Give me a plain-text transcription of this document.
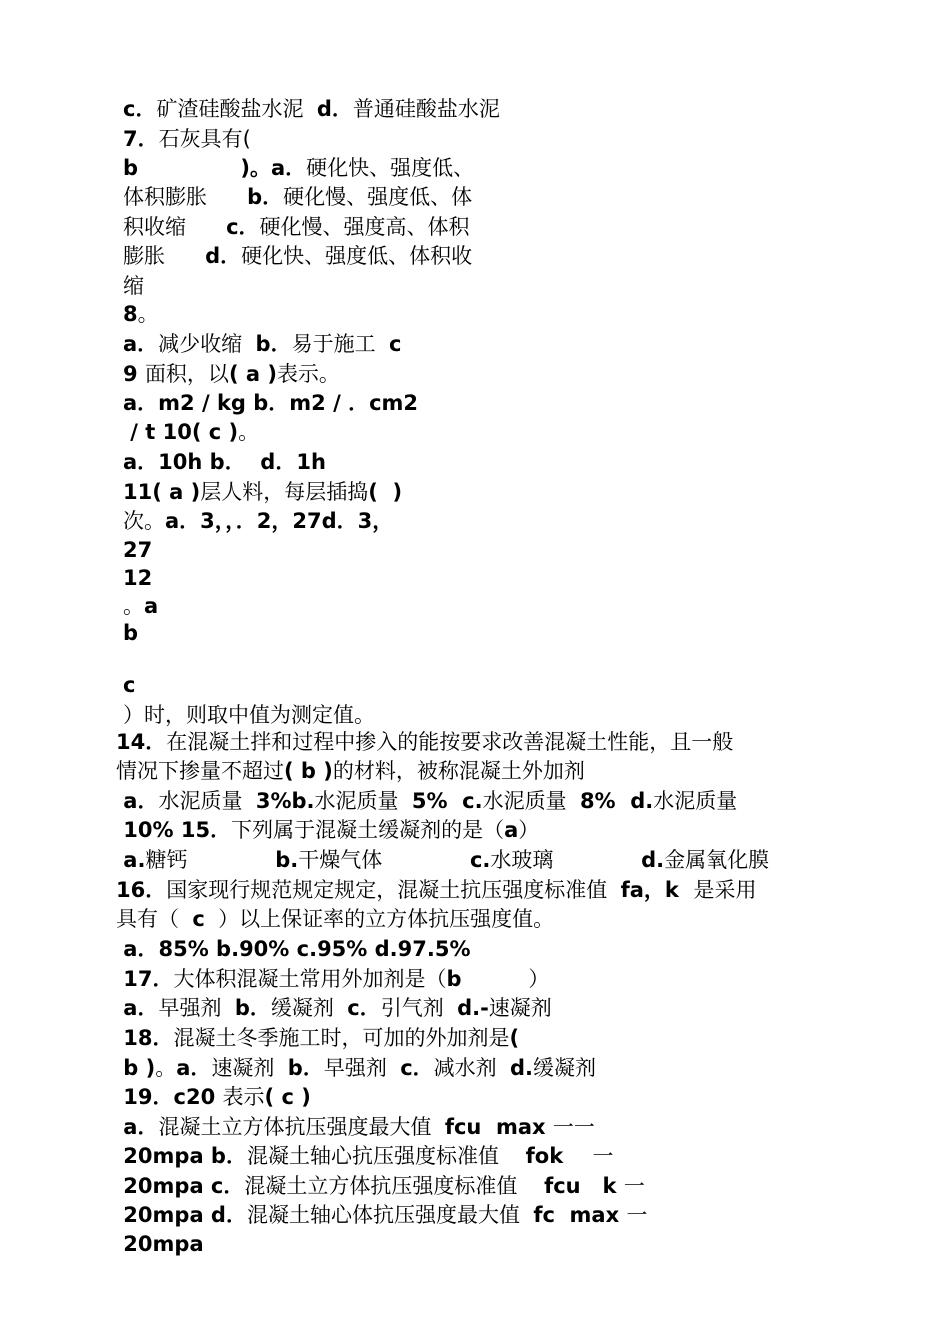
c．矿渣硅酸盐水泥  d．普通硅酸盐水泥

7．石灰具有(

b              )。a．硬化快、强度低、

体积膨胀      b．硬化慢、强度低、体

积收缩      c．硬化慢、强度高、体积

膨胀      d．硬化快、强度低、体积收

缩

8。

a．减少收缩  b．易于施工  c

9 面积，以( a )表示。

a．m2 / kg b．m2 / ．cm2

/ t 10( c )。

a．10h b．  d．1h

11( a )层人料，每层插捣(  )

次。a．3，，．2，27d．3，

27

12

。a

b

c

）时，则取中值为测定值。

14．在混凝土拌和过程中掺入的能按要求改善混凝土性能，且一般

情况下掺量不超过( b )的材料，被称混凝土外加剂

a．水泥质量  3%b.水泥质量  5%  c.水泥质量  8%  d.水泥质量

10% 15．下列属于混凝土缓凝剂的是（a）

a.糖钙            b.干燥气体            c.水玻璃            d.金属氧化膜

16．国家现行规范规定规定，混凝土抗压强度标准值  fa，k  是采用

具有（  c  ）以上保证率的立方体抗压强度值。

a．85% b.90% c.95% d.97.5%

17．大体积混凝土常用外加剂是（b          ）

a．早强剂  b．缓凝剂  c．引气剂  d.-速凝剂

18．混凝土冬季施工时，可加的外加剂是(

b )。a．速凝剂  b．早强剂  c．减水剂  d.缓凝剂

19．c20 表示( c )

a．混凝土立方体抗压强度最大值  fcu  max 一一

20mpa b．混凝土轴心抗压强度标准值    fok    一

20mpa c．混凝土立方体抗压强度标准值    fcu   k 一

20mpa d．混凝土轴心体抗压强度最大值  fc  max 一

20mpa
